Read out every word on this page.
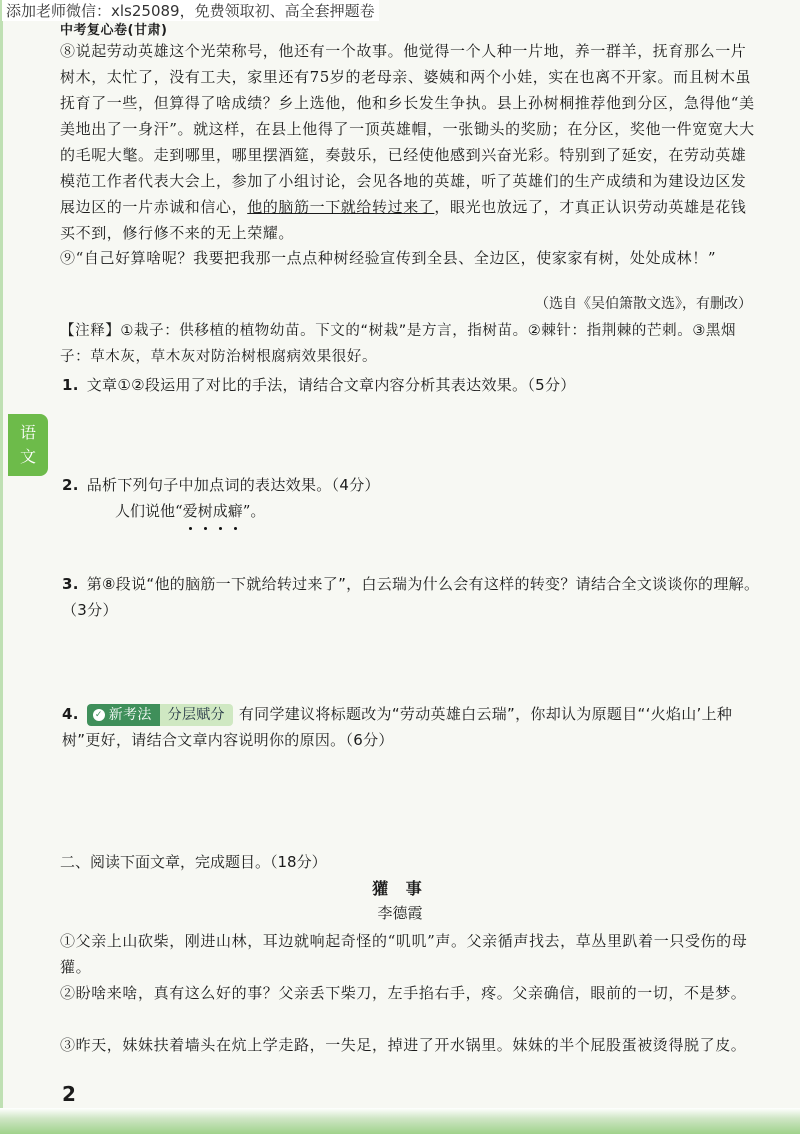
添加老师微信：xls25089，免费领取初、高全套押题卷
中考复心卷(甘肃)
语
文

⑧说起劳动英雄这个光荣称号，他还有一个故事。他觉得一个人种一片地，养一群羊，抚育那么一片树木，太忙了，没有工夫，家里还有75岁的老母亲、婆姨和两个小娃，实在也离不开家。而且树木虽抚育了一些，但算得了啥成绩？乡上选他，他和乡长发生争执。县上孙树桐推荐他到分区，急得他“美美地出了一身汗”。就这样，在县上他得了一顶英雄帽，一张锄头的奖励；在分区，奖他一件宽宽大大的毛呢大氅。走到哪里，哪里摆酒筵，奏鼓乐，已经使他感到兴奋光彩。特别到了延安，在劳动英雄模范工作者代表大会上，参加了小组讨论，会见各地的英雄，听了英雄们的生产成绩和为建设边区发展边区的一片赤诚和信心，他的脑筋一下就给转过来了，眼光也放远了，才真正认识劳动英雄是花钱买不到，修行修不来的无上荣耀。

⑨“自己好算啥呢？我要把我那一点点种树经验宣传到全县、全边区，使家家有树，处处成林！”

（选自《吴伯箫散文选》，有删改）

【注释】①栽子：供移植的植物幼苗。下文的“树栽”是方言，指树苗。②棘针：指荆棘的芒刺。③黑烟子：草木灰，草木灰对防治树根腐病效果很好。

1. 文章①②段运用了对比的手法，请结合文章内容分析其表达效果。（5分）
2. 品析下列句子中加点词的表达效果。（4分）
人们说他“爱树成癖”。
3. 第⑧段说“他的脑筋一下就给转过来了”，白云瑞为什么会有这样的转变？请结合全文谈谈你的理解。（3分）
4. ✓ 新考法	分层赋分 有同学建议将标题改为“劳动英雄白云瑞”，你却认为原题目“‘火焰山’上种树”更好，请结合文章内容说明你的原因。（6分）
二、阅读下面文章，完成题目。（18分）
獾 事
李德霞

①父亲上山砍柴，刚进山林，耳边就响起奇怪的“叽叽”声。父亲循声找去，草丛里趴着一只受伤的母獾。

②盼啥来啥，真有这么好的事？父亲丢下柴刀，左手掐右手，疼。父亲确信，眼前的一切，不是梦。

③昨天，妹妹扶着墙头在炕上学走路，一失足，掉进了开水锅里。妹妹的半个屁股蛋被烫得脱了皮。

2
